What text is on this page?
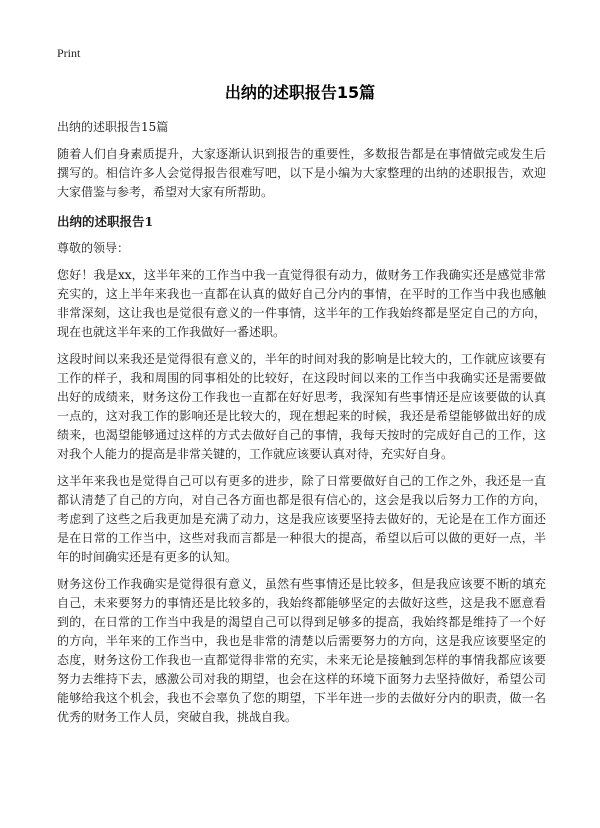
Print
出纳的述职报告15篇
出纳的述职报告15篇

随着人们自身素质提升，大家逐渐认识到报告的重要性，多数报告都是在事情做完或发生后撰写的。相信许多人会觉得报告很难写吧，以下是小编为大家整理的出纳的述职报告，欢迎大家借鉴与参考，希望对大家有所帮助。

出纳的述职报告1

尊敬的领导：

您好！我是xx，这半年来的工作当中我一直觉得很有动力，做财务工作我确实还是感觉非常充实的，这上半年来我也一直都在认真的做好自己分内的事情，在平时的工作当中我也感触非常深刻，这让我也是觉很有意义的一件事情，这半年的工作我始终都是坚定自己的方向，现在也就这半年来的工作我做好一番述职。

这段时间以来我还是觉得很有意义的，半年的时间对我的影响是比较大的，工作就应该要有工作的样子，我和周围的同事相处的比较好，在这段时间以来的工作当中我确实还是需要做出好的成绩来，财务这份工作我也一直都在好好思考，我深知有些事情还是应该要做的认真一点的，这对我工作的影响还是比较大的，现在想起来的时候，我还是希望能够做出好的成绩来，也渴望能够通过这样的方式去做好自己的事情，我每天按时的完成好自己的工作，这对我个人能力的提高是非常关键的，工作就应该要认真对待，充实好自身。

这半年来我也是觉得自己可以有更多的进步，除了日常要做好自己的工作之外，我还是一直都认清楚了自己的方向，对自己各方面也都是很有信心的，这会是我以后努力工作的方向，考虑到了这些之后我更加是充满了动力，这是我应该要坚持去做好的，无论是在工作方面还是在日常的工作当中，这些对我而言都是一种很大的提高，希望以后可以做的更好一点，半年的时间确实还是有更多的认知。

财务这份工作我确实是觉得很有意义，虽然有些事情还是比较多，但是我应该要不断的填充自己，未来要努力的事情还是比较多的，我始终都能够坚定的去做好这些，这是我不愿意看到的，在日常的工作当中我是的渴望自己可以得到足够多的提高，我始终都是维持了一个好的方向，半年来的工作当中，我也是非常的清楚以后需要努力的方向，这是我应该要坚定的态度，财务这份工作我也一直都觉得非常的充实，未来无论是接触到怎样的事情我都应该要努力去维持下去，感激公司对我的期望，也会在这样的环境下面努力去坚持做好，希望公司能够给我这个机会，我也不会辜负了您的期望，下半年进一步的去做好分内的职责，做一名优秀的财务工作人员，突破自我，挑战自我。
